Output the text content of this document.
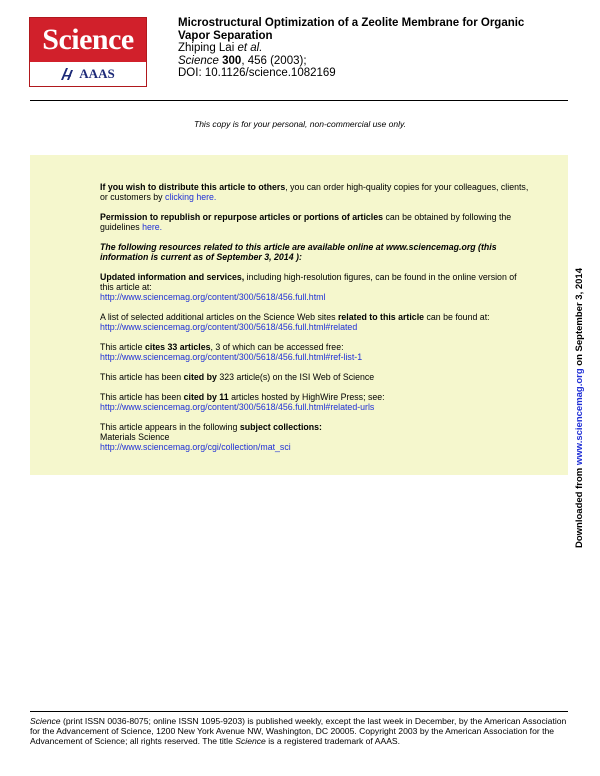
Science
AAAS

Microstructural Optimization of a Zeolite Membrane for Organic
Vapor Separation

Zhiping Lai et al.

Science 300, 456 (2003);

DOI: 10.1126/science.1082169

This copy is for your personal, non-commercial use only.

If you wish to distribute this article to others, you can order high-quality copies for your colleagues, clients, or customers by clicking here.

Permission to republish or repurpose articles or portions of articles can be obtained by following the guidelines here.

The following resources related to this article are available online at www.sciencemag.org (this information is current as of September 3, 2014 ):

Updated information and services, including high-resolution figures, can be found in the online version of this article at:
http://www.sciencemag.org/content/300/5618/456.full.html
A list of selected additional articles on the Science Web sites related to this article can be found at:
http://www.sciencemag.org/content/300/5618/456.full.html#related
This article cites 33 articles, 3 of which can be accessed free:
http://www.sciencemag.org/content/300/5618/456.full.html#ref-list-1
This article has been cited by 323 article(s) on the ISI Web of Science
This article has been cited by 11 articles hosted by HighWire Press; see:
http://www.sciencemag.org/content/300/5618/456.full.html#related-urls
This article appears in the following subject collections:
Materials Science
http://www.sciencemag.org/cgi/collection/mat_sci
Downloaded from www.sciencemag.org on September 3, 2014

Science (print ISSN 0036-8075; online ISSN 1095-9203) is published weekly, except the last week in December, by the American Association for the Advancement of Science, 1200 New York Avenue NW, Washington, DC 20005. Copyright 2003 by the American Association for the Advancement of Science; all rights reserved. The title Science is a registered trademark of AAAS.
